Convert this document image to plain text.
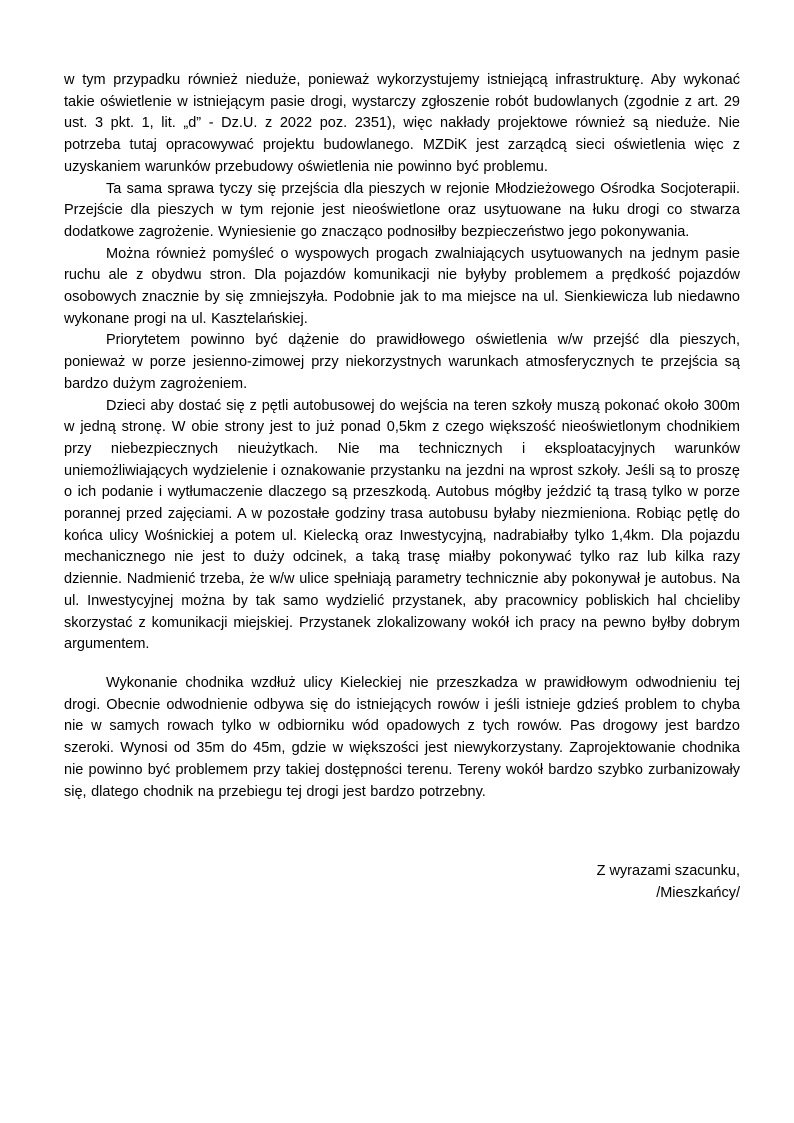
w tym przypadku również nieduże, ponieważ wykorzystujemy istniejącą infrastrukturę. Aby wykonać takie oświetlenie w istniejącym pasie drogi, wystarczy zgłoszenie robót budowlanych (zgodnie z art. 29 ust. 3 pkt. 1, lit. „d” - Dz.U. z 2022 poz. 2351), więc nakłady projektowe również są nieduże. Nie potrzeba tutaj opracowywać projektu budowlanego. MZDiK jest zarządcą sieci oświetlenia więc z uzyskaniem warunków przebudowy oświetlenia nie powinno być problemu.

Ta sama sprawa tyczy się przejścia dla pieszych w rejonie Młodzieżowego Ośrodka Socjoterapii. Przejście dla pieszych w tym rejonie jest nieoświetlone oraz usytuowane na łuku drogi co stwarza dodatkowe zagrożenie. Wyniesienie go znacząco podnosiłby bezpieczeństwo jego pokonywania.

Można również pomyśleć o wyspowych progach zwalniających usytuowanych na jednym pasie ruchu ale z obydwu stron. Dla pojazdów komunikacji nie byłyby problemem a prędkość pojazdów osobowych znacznie by się zmniejszyła. Podobnie jak to ma miejsce na ul. Sienkiewicza lub niedawno wykonane progi na ul. Kasztelańskiej.

Priorytetem powinno być dążenie do prawidłowego oświetlenia w/w przejść dla pieszych, ponieważ w porze jesienno-zimowej przy niekorzystnych warunkach atmosferycznych te przejścia są bardzo dużym zagrożeniem.

Dzieci aby dostać się z pętli autobusowej do wejścia na teren szkoły muszą pokonać około 300m w jedną stronę. W obie strony jest to już ponad 0,5km z czego większość nieoświetlonym chodnikiem przy niebezpiecznych nieużytkach. Nie ma technicznych i eksploatacyjnych warunków uniemożliwiających wydzielenie i oznakowanie przystanku na jezdni na wprost szkoły. Jeśli są to proszę o ich podanie i wytłumaczenie dlaczego są przeszkodą. Autobus mógłby jeździć tą trasą tylko w porze porannej przed zajęciami. A w pozostałe godziny trasa autobusu byłaby niezmieniona. Robiąc pętlę do końca ulicy Wośnickiej a potem ul. Kielecką oraz Inwestycyjną, nadrabiałby tylko 1,4km. Dla pojazdu mechanicznego nie jest to duży odcinek, a taką trasę miałby pokonywać tylko raz lub kilka razy dziennie. Nadmienić trzeba, że w/w ulice spełniają parametry technicznie aby pokonywał je autobus. Na ul. Inwestycyjnej można by tak samo wydzielić przystanek, aby pracownicy pobliskich hal chcieliby skorzystać z komunikacji miejskiej. Przystanek zlokalizowany wokół ich pracy na pewno byłby dobrym argumentem.

Wykonanie chodnika wzdłuż ulicy Kieleckiej nie przeszkadza w prawidłowym odwodnieniu tej drogi. Obecnie odwodnienie odbywa się do istniejących rowów i jeśli istnieje gdzieś problem to chyba nie w samych rowach tylko w odbiorniku wód opadowych z tych rowów. Pas drogowy jest bardzo szeroki. Wynosi od 35m do 45m, gdzie w większości jest niewykorzystany. Zaprojektowanie chodnika nie powinno być problemem przy takiej dostępności terenu. Tereny wokół bardzo szybko zurbanizowały się, dlatego chodnik na przebiegu tej drogi jest bardzo potrzebny.

Z wyrazami szacunku,

/Mieszkańcy/
